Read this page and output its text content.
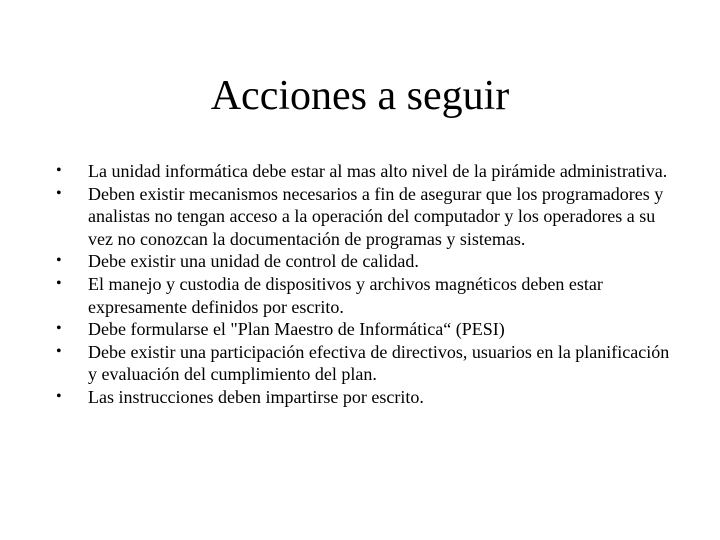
Acciones a seguir
•	La unidad informática debe estar al mas alto nivel de la pirámide administrativa.
•	Deben existir mecanismos necesarios a fin de asegurar que los programadores y analistas no tengan acceso a la operación del computador y los operadores a su vez no conozcan la documentación de programas y sistemas.
•	Debe existir una unidad de control de calidad.
•	El manejo y custodia de dispositivos y archivos magnéticos deben estar expresamente definidos por escrito.
•	Debe formularse el "Plan Maestro de Informática“ (PESI)
•	Debe existir una participación efectiva de directivos, usuarios en la planificación y evaluación del cumplimiento del plan.
•	Las instrucciones deben impartirse por escrito.
